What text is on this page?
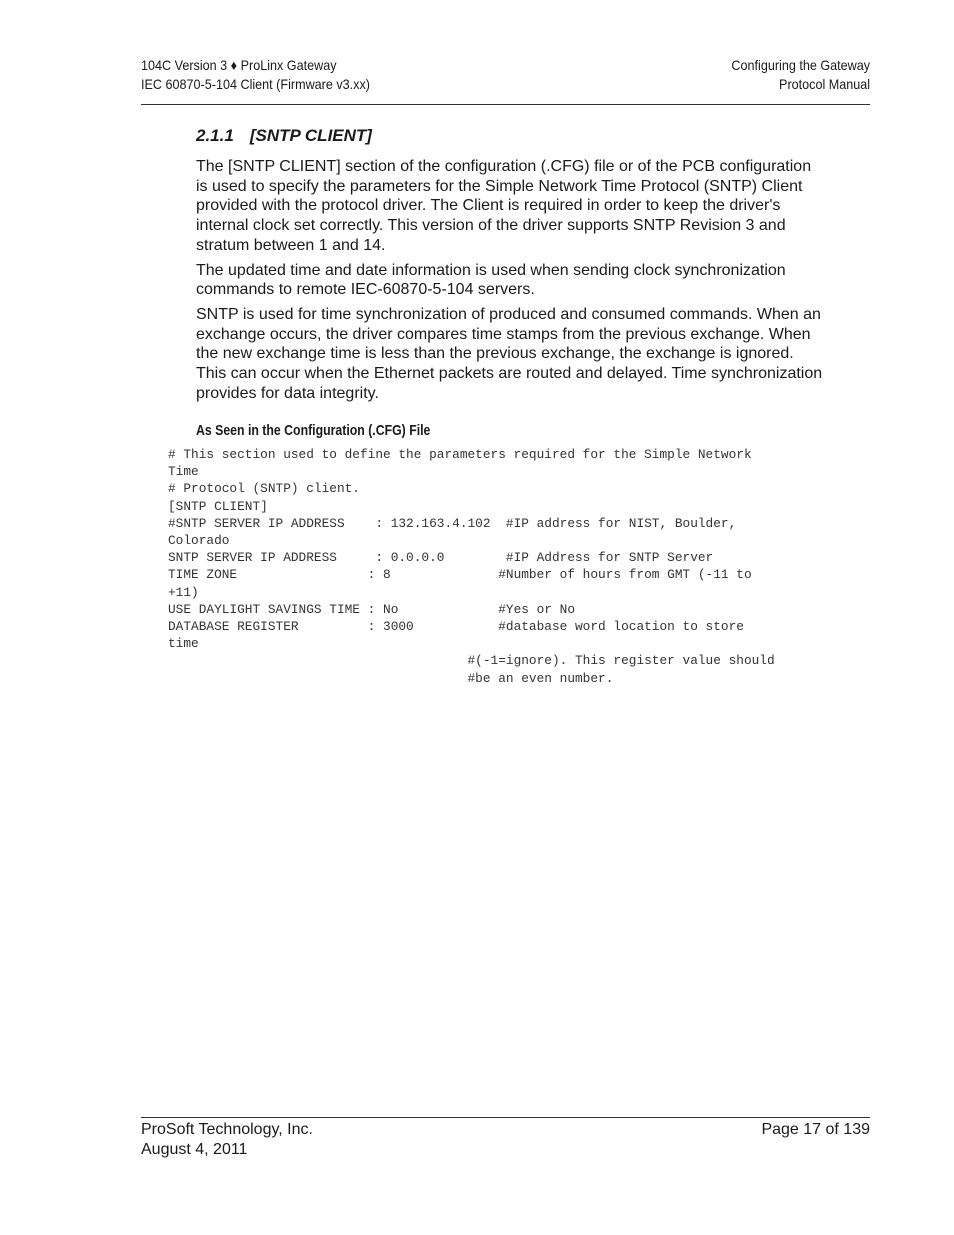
104C Version 3 ♦ ProLinx Gateway
IEC 60870-5-104 Client (Firmware v3.xx)
Configuring the Gateway
Protocol Manual
2.1.1 [SNTP CLIENT]

The [SNTP CLIENT] section of the configuration (.CFG) file or of the PCB configuration is used to specify the parameters for the Simple Network Time Protocol (SNTP) Client provided with the protocol driver. The Client is required in order to keep the driver's internal clock set correctly. This version of the driver supports SNTP Revision 3 and stratum between 1 and 14.

The updated time and date information is used when sending clock synchronization commands to remote IEC-60870-5-104 servers.

SNTP is used for time synchronization of produced and consumed commands. When an exchange occurs, the driver compares time stamps from the previous exchange. When the new exchange time is less than the previous exchange, the exchange is ignored. This can occur when the Ethernet packets are routed and delayed. Time synchronization provides for data integrity.

As Seen in the Configuration (.CFG) File
# This section used to define the parameters required for the Simple Network
Time
# Protocol (SNTP) client.
[SNTP CLIENT]
#SNTP SERVER IP ADDRESS    : 132.163.4.102  #IP address for NIST, Boulder,
Colorado
SNTP SERVER IP ADDRESS     : 0.0.0.0        #IP Address for SNTP Server
TIME ZONE                 : 8              #Number of hours from GMT (-11 to
+11)
USE DAYLIGHT SAVINGS TIME : No             #Yes or No
DATABASE REGISTER         : 3000           #database word location to store
time
#(-1=ignore). This register value should
#be an even number.
ProSoft Technology, Inc.
August 4, 2011
Page 17 of 139
